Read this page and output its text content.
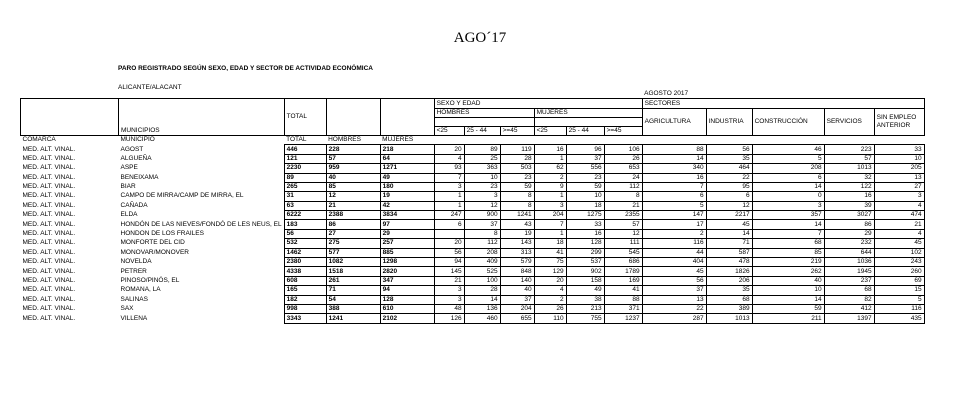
AGO´17
PARO REGISTRADO SEGÚN SEXO, EDAD Y SECTOR DE ACTIVIDAD ECONÓMICA
ALICANTE/ALACANT
											AGOSTO 2017				
					SEXO Y EDAD						SECTORES				
		TOTAL			HOMBRES			MUJERES			AGRICULTURA	INDUSTRIA	CONSTRUCCIÓN	SERVICIOS	SIN EMPLEO ANTERIOR

	MUNICIPIOS				<25	25 - 44	>=45	<25	25 - 44	>=45					
COMARCA	MUNICIPIO	TOTAL	HOMBRES	MUJERES											
MED. ALT. VINAL.	AGOST	446	228	218	20	89	119	16	96	106	88	56	46	223	33
MED. ALT. VINAL.	ALGUEÑA	121	57	64	4	25	28	1	37	26	14	35	5	57	10
MED. ALT. VINAL.	ASPE	2230	959	1271	93	363	503	62	556	653	340	464	208	1013	205
MED. ALT. VINAL.	BENEIXAMA	89	40	49	7	10	23	2	23	24	16	22	6	32	13
MED. ALT. VINAL.	BIAR	265	85	180	3	23	59	9	59	112	7	95	14	122	27
MED. ALT. VINAL.	CAMPO DE MIRRA/CAMP DE MIRRA, EL	31	12	19	1	3	8	1	10	8	6	6	0	16	3
MED. ALT. VINAL.	CAÑADA	63	21	42	1	12	8	3	18	21	5	12	3	39	4
MED. ALT. VINAL.	ELDA	6222	2388	3834	247	900	1241	204	1275	2355	147	2217	357	3027	474
MED. ALT. VINAL.	HONDÓN DE LAS NIEVES/FONDÓ DE LES NEUS, EL	183	86	97	6	37	43	7	33	57	17	45	14	86	21
MED. ALT. VINAL.	HONDON DE LOS FRAILES	56	27	29		8	19	1	16	12	2	14	7	29	4
MED. ALT. VINAL.	MONFORTE DEL CID	532	275	257	20	112	143	18	128	111	116	71	68	232	45
MED. ALT. VINAL.	MONOVAR/MONOVER	1462	577	885	56	208	313	41	299	545	44	587	85	644	102
MED. ALT. VINAL.	NOVELDA	2380	1082	1298	94	409	579	75	537	686	404	478	219	1036	243
MED. ALT. VINAL.	PETRER	4338	1518	2820	145	525	848	129	902	1789	45	1826	262	1945	260
MED. ALT. VINAL.	PINOSO/PINÓS, EL	608	261	347	21	100	140	20	158	169	56	206	40	237	69
MED. ALT. VINAL.	ROMANA, LA	165	71	94	3	28	40	4	49	41	37	35	10	68	15
MED. ALT. VINAL.	SALINAS	182	54	128	3	14	37	2	38	88	13	68	14	82	5
MED. ALT. VINAL.	SAX	998	388	610	48	136	204	26	213	371	22	389	59	412	116
MED. ALT. VINAL.	VILLENA	3343	1241	2102	126	460	655	110	755	1237	287	1013	211	1397	435
